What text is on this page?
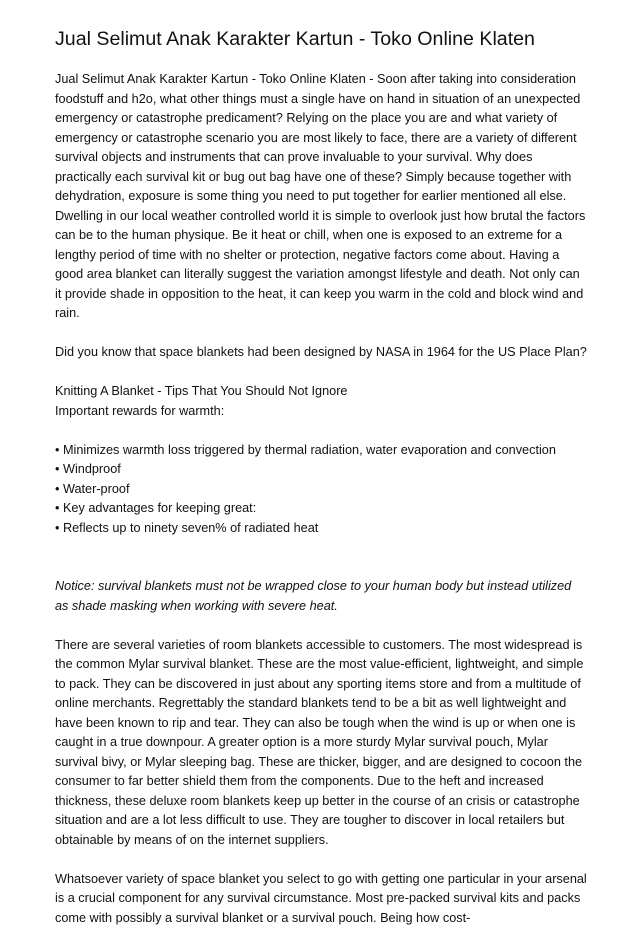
Jual Selimut Anak Karakter Kartun - Toko Online Klaten

Jual Selimut Anak Karakter Kartun - Toko Online Klaten - Soon after taking into consideration foodstuff and h2o, what other things must a single have on hand in situation of an unexpected emergency or catastrophe predicament? Relying on the place you are and what variety of emergency or catastrophe scenario you are most likely to face, there are a variety of different survival objects and instruments that can prove invaluable to your survival. Why does practically each survival kit or bug out bag have one of these? Simply because together with dehydration, exposure is some thing you need to put together for earlier mentioned all else. Dwelling in our local weather controlled world it is simple to overlook just how brutal the factors can be to the human physique. Be it heat or chill, when one is exposed to an extreme for a lengthy period of time with no shelter or protection, negative factors come about. Having a good area blanket can literally suggest the variation amongst lifestyle and death. Not only can it provide shade in opposition to the heat, it can keep you warm in the cold and block wind and rain.

Did you know that space blankets had been designed by NASA in 1964 for the US Place Plan?

Knitting A Blanket - Tips That You Should Not Ignore

Important rewards for warmth:

• Minimizes warmth loss triggered by thermal radiation, water evaporation and convection
• Windproof
• Water-proof
• Key advantages for keeping great:
• Reflects up to ninety seven% of radiated heat

Notice: survival blankets must not be wrapped close to your human body but instead utilized as shade masking when working with severe heat.

There are several varieties of room blankets accessible to customers. The most widespread is the common Mylar survival blanket. These are the most value-efficient, lightweight, and simple to pack. They can be discovered in just about any sporting items store and from a multitude of online merchants. Regrettably the standard blankets tend to be a bit as well lightweight and have been known to rip and tear. They can also be tough when the wind is up or when one is caught in a true downpour. A greater option is a more sturdy Mylar survival pouch, Mylar survival bivy, or Mylar sleeping bag. These are thicker, bigger, and are designed to cocoon the consumer to far better shield them from the components. Due to the heft and increased thickness, these deluxe room blankets keep up better in the course of an crisis or catastrophe situation and are a lot less difficult to use. They are tougher to discover in local retailers but obtainable by means of on the internet suppliers.

Whatsoever variety of space blanket you select to go with getting one particular in your arsenal is a crucial component for any survival circumstance. Most pre-packed survival kits and packs come with possibly a survival blanket or a survival pouch. Being how cost-
